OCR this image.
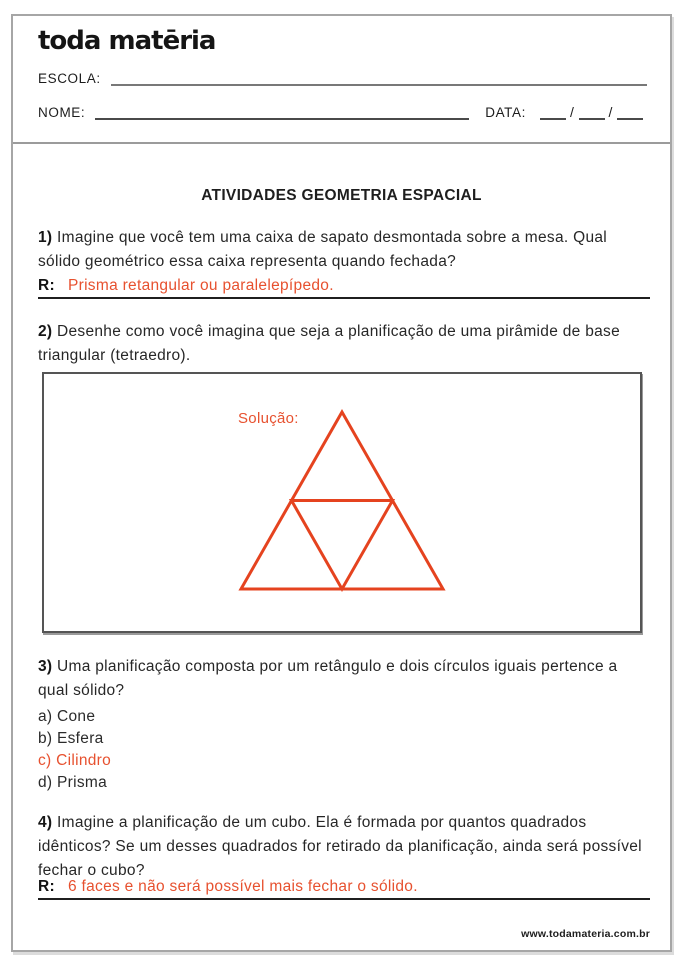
toda matēria
ESCOLA:
NOME:	DATA:	/ /
ATIVIDADES GEOMETRIA ESPACIAL
1) Imagine que você tem uma caixa de sapato desmontada sobre a mesa. Qual sólido geométrico essa caixa representa quando fechada?
R: Prisma retangular ou paralelepípedo.
2) Desenhe como você imagina que seja a planificação de uma pirâmide de base triangular (tetraedro).
Solução:
3) Uma planificação composta por um retângulo e dois círculos iguais pertence a qual sólido?
a) Cone
b) Esfera
c) Cilindro
d) Prisma
4) Imagine a planificação de um cubo. Ela é formada por quantos quadrados idênticos? Se um desses quadrados for retirado da planificação, ainda será possível fechar o cubo?
R: 6 faces e não será possível mais fechar o sólido.
www.todamateria.com.br
